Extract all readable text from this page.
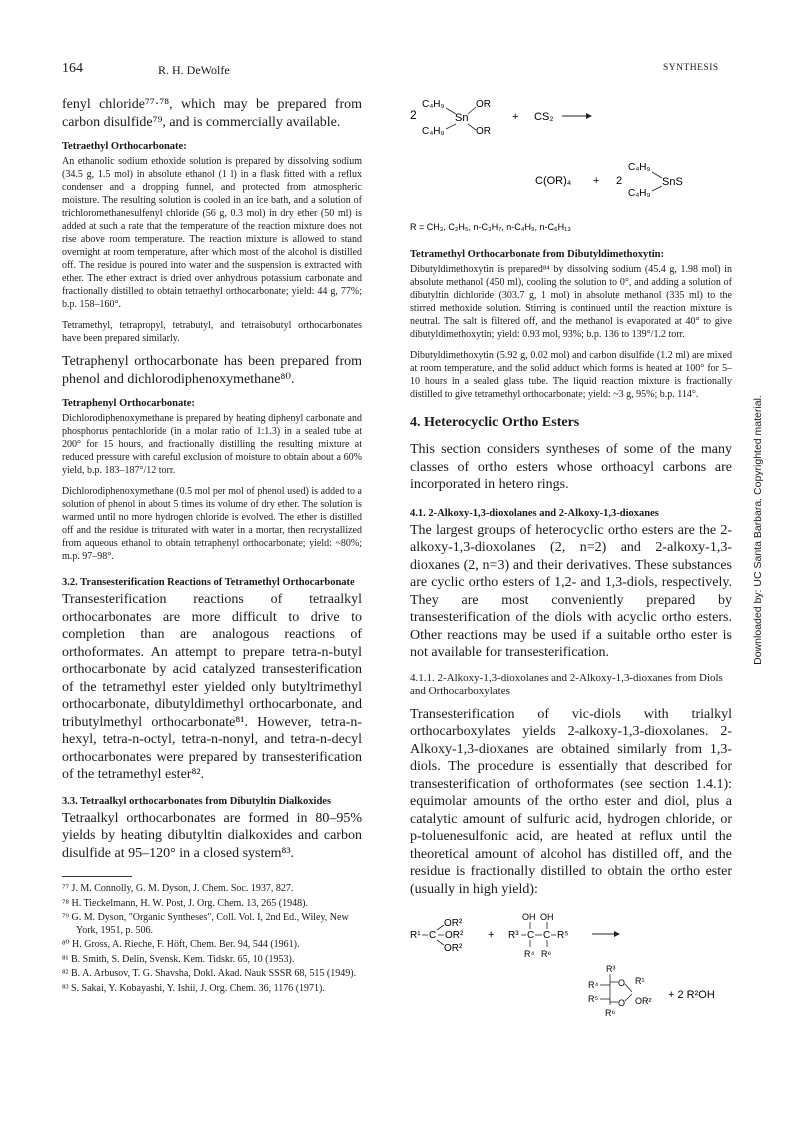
164	R. H. DeWolfe	SYNTHESIS

fenyl chloride⁷⁷·⁷⁸, which may be prepared from carbon disulfide⁷⁹, and is commercially available.

Tetraethyl Orthocarbonate:

An ethanolic sodium ethoxide solution is prepared by dissolving sodium (34.5 g, 1.5 mol) in absolute ethanol (1 l) in a flask fitted with a reflux condenser and a dropping funnel, and protected from atmospheric moisture. The resulting solution is cooled in an ice bath, and a solution of trichloromethanesulfenyl chloride (56 g, 0.3 mol) in dry ether (50 ml) is added at such a rate that the temperature of the reaction mixture does not rise above room temperature. The reaction mixture is allowed to stand overnight at room temperature, after which most of the alcohol is distilled off. The residue is poured into water and the suspension is extracted with ether. The ether extract is dried over anhydrous potassium carbonate and fractionally distilled to obtain tetraethyl orthocarbonate; yield: 44 g, 77%; b.p. 158–160°.

Tetramethyl, tetrapropyl, tetrabutyl, and tetraisobutyl orthocarbonates have been prepared similarly.

Tetraphenyl orthocarbonate has been prepared from phenol and dichlorodiphenoxymethane⁸⁰.

Tetraphenyl Orthocarbonate:

Dichlorodiphenoxymethane is prepared by heating diphenyl carbonate and phosphorus pentachloride (in a molar ratio of 1:1.3) in a sealed tube at 200° for 15 hours, and fractionally distilling the resulting mixture at reduced pressure with careful exclusion of moisture to obtain about a 60% yield, b.p. 183–187°/12 torr.

Dichlorodiphenoxymethane (0.5 mol per mol of phenol used) is added to a solution of phenol in about 5 times its volume of dry ether. The solution is warmed until no more hydrogen chloride is evolved. The ether is distilled off and the residue is triturated with water in a mortar, then recrystallized from aqueous ethanol to obtain tetraphenyl orthocarbonate; yield: ~80%; m.p. 97–98°.

3.2. Transesterification Reactions of Tetramethyl Orthocarbonate

Transesterification reactions of tetraalkyl orthocarbonates are more difficult to drive to completion than are analogous reactions of orthoformates. An attempt to prepare tetra-n-butyl orthocarbonate by acid catalyzed transesterification of the tetramethyl ester yielded only butyltrimethyl orthocarbonate, dibutyldimethyl orthocarbonate, and tributylmethyl orthocarbonate⁸¹. However, tetra-n-hexyl, tetra-n-octyl, tetra-n-nonyl, and tetra-n-decyl orthocarbonates were prepared by transesterification of the tetramethyl ester⁸².

3.3. Tetraalkyl orthocarbonates from Dibutyltin Dialkoxides

Tetraalkyl orthocarbonates are formed in 80–95% yields by heating dibutyltin dialkoxides and carbon disulfide at 95–120° in a closed system⁸³.

⁷⁷ J. M. Connolly, G. M. Dyson, J. Chem. Soc. 1937, 827.

⁷⁸ H. Tieckelmann, H. W. Post, J. Org. Chem. 13, 265 (1948).

⁷⁹ G. M. Dyson, "Organic Syntheses", Coll. Vol. I, 2nd Ed., Wiley, New York, 1951, p. 506.

⁸⁰ H. Gross, A. Rieche, F. Höft, Chem. Ber. 94, 544 (1961).

⁸¹ B. Smith, S. Delin, Svensk. Kem. Tidskr. 65, 10 (1953).

⁸² B. A. Arbusov, T. G. Shavsha, Dokl. Akad. Nauk SSSR 68, 515 (1949).

⁸³ S. Sakai, Y. Kobayashi, Y. Ishii, J. Org. Chem. 36, 1176 (1971).

2
C₄H₉
C₄H₉
Sn
OR
OR
+ CS₂
C(OR)₄ + 2
C₄H₉
C₄H₉
SnS
R = CH₃, C₂H₅, n-C₃H₇, n-C₄H₉, n-C₆H₁₃
Tetramethyl Orthocarbonate from Dibutyldimethoxytin:

Dibutyldimethoxytin is prepared⁸⁴ by dissolving sodium (45.4 g, 1.98 mol) in absolute methanol (450 ml), cooling the solution to 0°, and adding a solution of dibutyltin dichloride (303.7 g, 1 mol) in absolute methanol (335 ml) to the stirred methoxide solution. Stirring is continued until the reaction mixture is neutral. The salt is filtered off, and the methanol is evaporated at 40° to give dibutyldimethoxytin; yield: 0.93 mol, 93%; b.p. 136 to 139°/1.2 torr.

Dibutyldimethoxytin (5.92 g, 0.02 mol) and carbon disulfide (1.2 ml) are mixed at room temperature, and the solid adduct which forms is heated at 100° for 5–10 hours in a sealed glass tube. The liquid reaction mixture is fractionally distilled to give tetramethyl orthocarbonate; yield: ~3 g, 95%; b.p. 114°.

4. Heterocyclic Ortho Esters

This section considers syntheses of some of the many classes of ortho esters whose orthoacyl carbons are incorporated in hetero rings.

4.1. 2-Alkoxy-1,3-dioxolanes and 2-Alkoxy-1,3-dioxanes

The largest groups of heterocyclic ortho esters are the 2-alkoxy-1,3-dioxolanes (2, n=2) and 2-alkoxy-1,3-dioxanes (2, n=3) and their derivatives. These substances are cyclic ortho esters of 1,2- and 1,3-diols, respectively. They are most conveniently prepared by transesterification of the diols with acyclic ortho esters. Other reactions may be used if a suitable ortho ester is not available for transesterification.

4.1.1. 2-Alkoxy-1,3-dioxolanes and 2-Alkoxy-1,3-dioxanes from Diols and Orthocarboxylates

Transesterification of vic-diols with trialkyl orthocarboxylates yields 2-alkoxy-1,3-dioxolanes. 2-Alkoxy-1,3-dioxanes are obtained similarly from 1,3-diols. The procedure is essentially that described for transesterification of orthoformates (see section 1.4.1): equimolar amounts of the ortho ester and diol, plus a catalytic amount of sulfuric acid, hydrogen chloride, or p-toluenesulfonic acid, are heated at reflux until the theoretical amount of alcohol has distilled off, and the residue is fractionally distilled to obtain the ortho ester (usually in high yield):

R¹ C
OR²
OR²
OR²
+ R³ C C R⁵
OH OH
R⁴ R⁶
R³
R⁴
R⁵
O
O
R¹
OR²
R⁶
+ 2 R²OH
Downloaded by: UC Santa Barbara. Copyrighted material.
